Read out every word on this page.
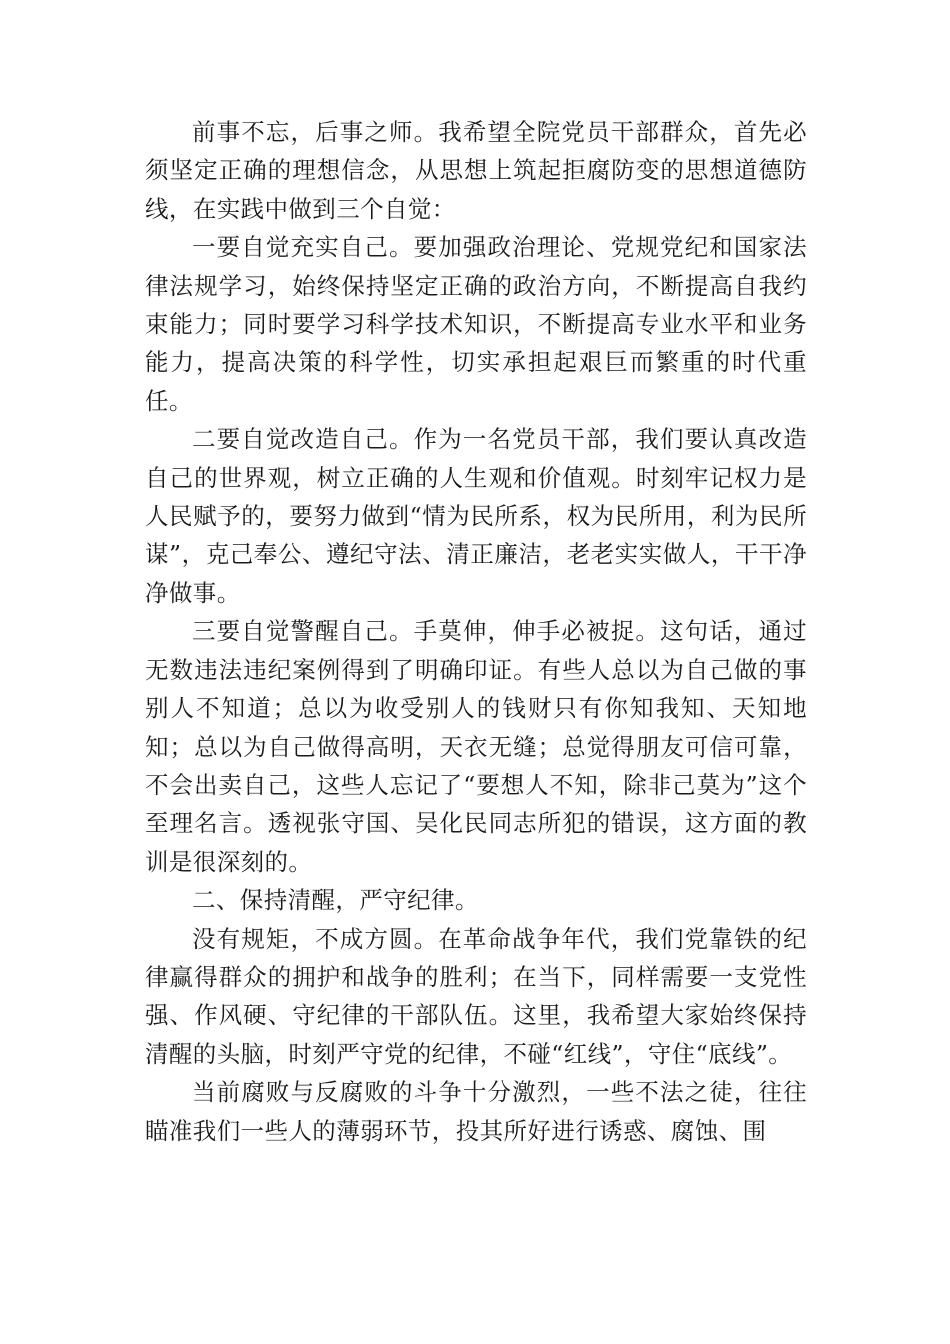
前事不忘，后事之师。我希望全院党员干部群众，首先必须坚定正确的理想信念，从思想上筑起拒腐防变的思想道德防线，在实践中做到三个自觉：

一要自觉充实自己。要加强政治理论、党规党纪和国家法律法规学习，始终保持坚定正确的政治方向，不断提高自我约束能力；同时要学习科学技术知识，不断提高专业水平和业务能力，提高决策的科学性，切实承担起艰巨而繁重的时代重任。

二要自觉改造自己。作为一名党员干部，我们要认真改造自己的世界观，树立正确的人生观和价值观。时刻牢记权力是人民赋予的，要努力做到“情为民所系，权为民所用，利为民所谋”，克己奉公、遵纪守法、清正廉洁，老老实实做人，干干净净做事。

三要自觉警醒自己。手莫伸，伸手必被捉。这句话，通过无数违法违纪案例得到了明确印证。有些人总以为自己做的事别人不知道；总以为收受别人的钱财只有你知我知、天知地知；总以为自己做得高明，天衣无缝；总觉得朋友可信可靠，不会出卖自己，这些人忘记了“要想人不知，除非己莫为”这个至理名言。透视张守国、吴化民同志所犯的错误，这方面的教训是很深刻的。

二、保持清醒，严守纪律。

没有规矩，不成方圆。在革命战争年代，我们党靠铁的纪律赢得群众的拥护和战争的胜利；在当下，同样需要一支党性强、作风硬、守纪律的干部队伍。这里，我希望大家始终保持清醒的头脑，时刻严守党的纪律，不碰“红线”，守住“底线”。

当前腐败与反腐败的斗争十分激烈，一些不法之徒，往往瞄准我们一些人的薄弱环节，投其所好进行诱惑、腐蚀、围
